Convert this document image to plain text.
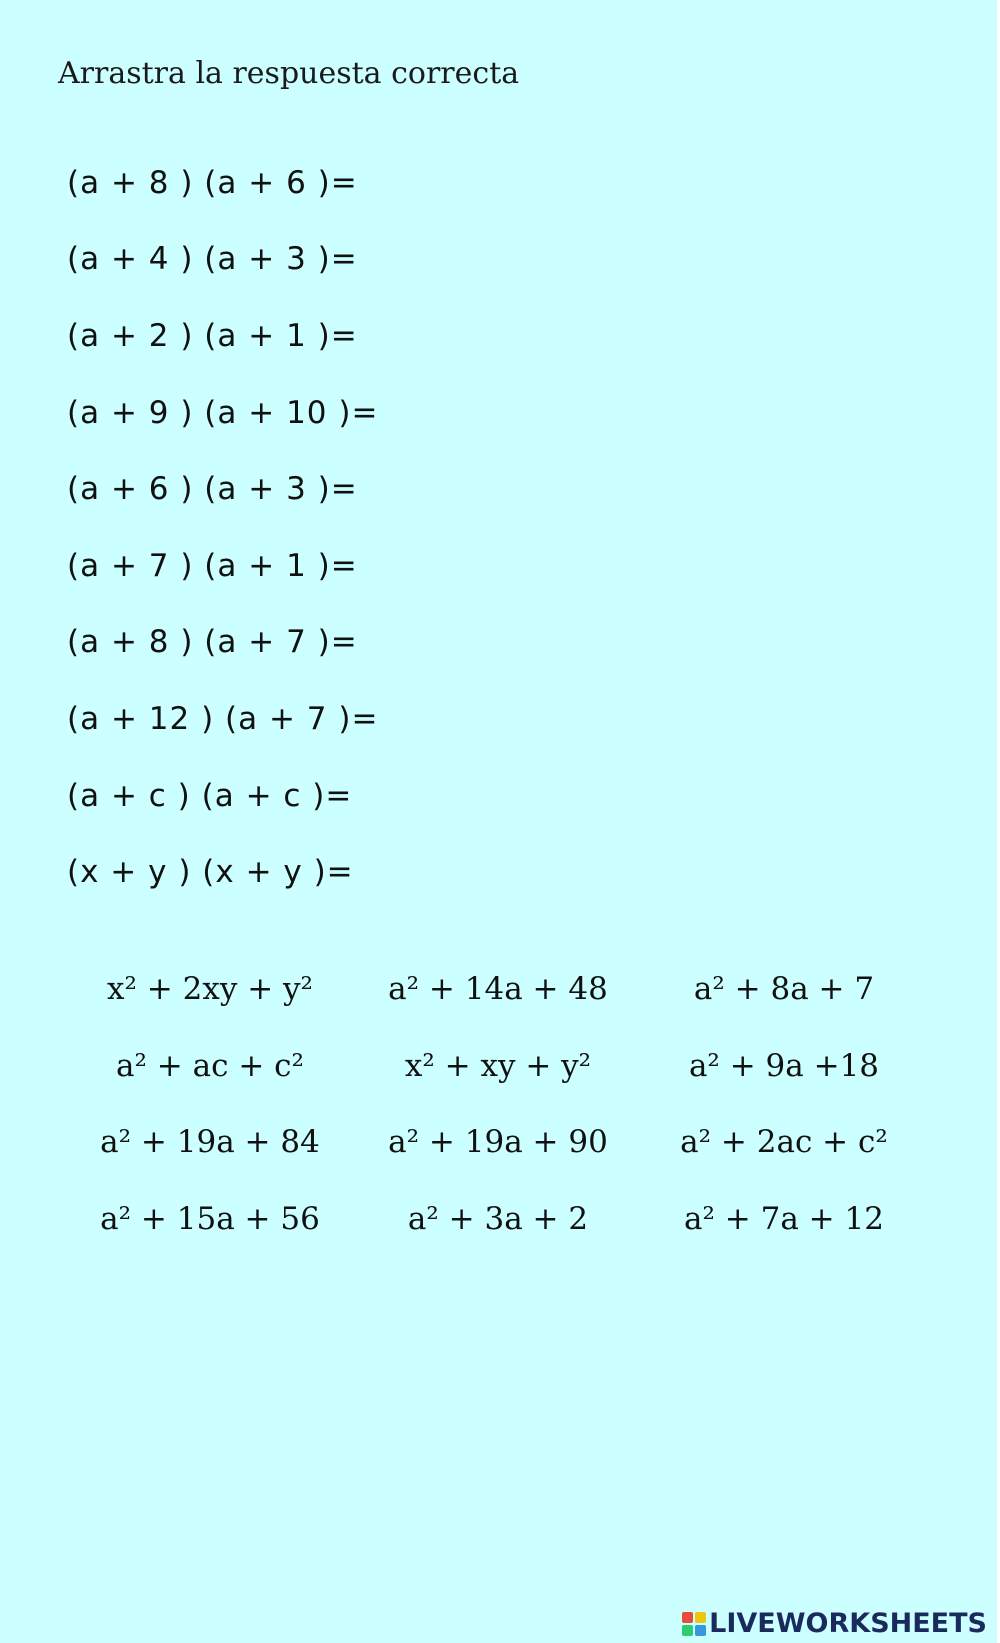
Arrastra la respuesta correcta
(a + 8 ) (a + 6 )=
(a + 4 ) (a + 3 )=
(a + 2 ) (a + 1 )=
(a + 9 ) (a + 10 )=
(a + 6 ) (a + 3 )=
(a + 7 ) (a + 1 )=
(a + 8 ) (a + 7 )=
(a + 12 ) (a + 7 )=
(a + c ) (a + c )=
(x + y ) (x + y )=
x² + 2xy + y²	a² + 14a + 48	a² + 8a + 7
a² + ac + c²	x² + xy + y²	a² + 9a +18
a² + 19a + 84	a² + 19a + 90	a² + 2ac + c²
a² + 15a + 56	a² + 3a + 2	a² + 7a + 12
LIVEWORKSHEETS
